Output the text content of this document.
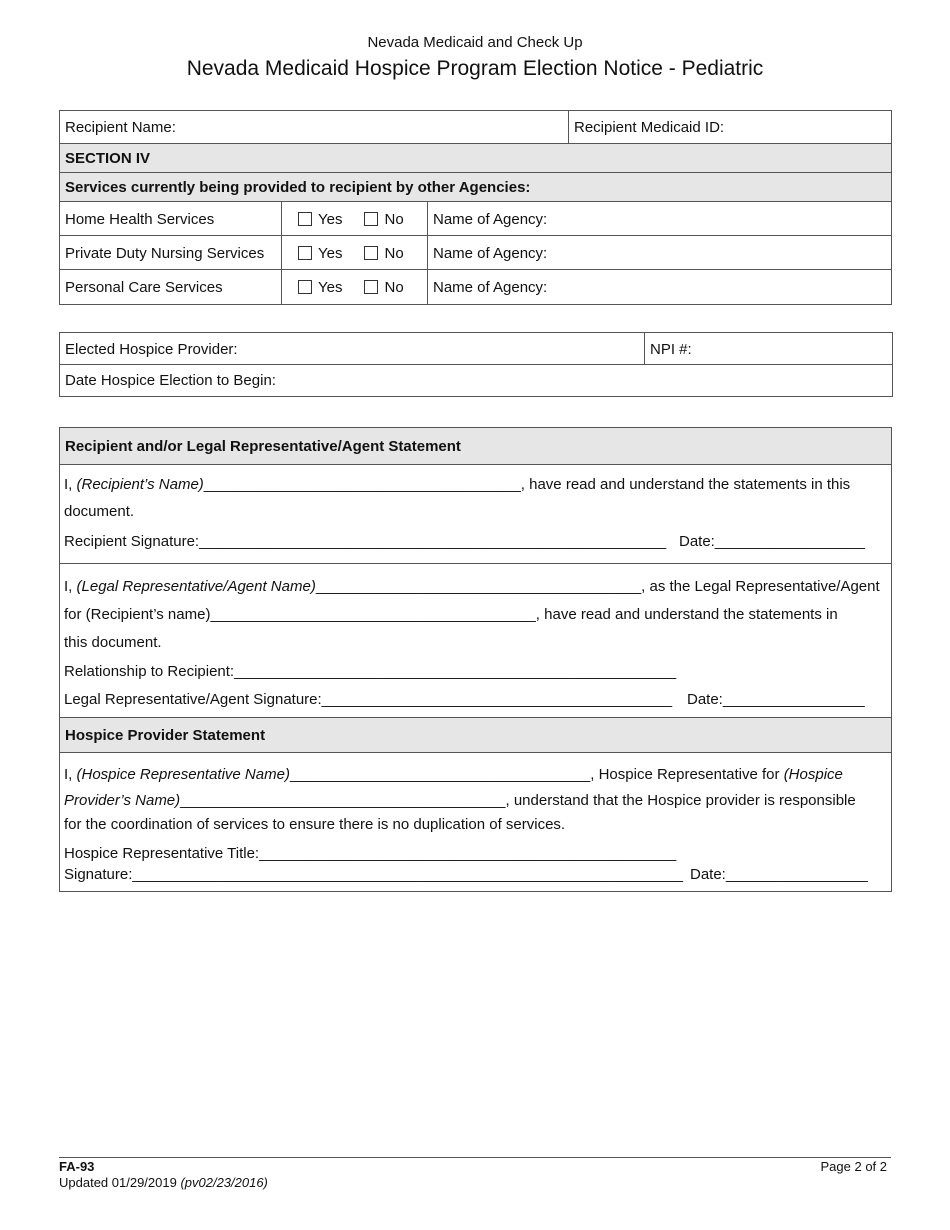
Nevada Medicaid and Check Up
Nevada Medicaid Hospice Program Election Notice - Pediatric
Recipient Name:	Recipient Medicaid ID:
SECTION IV
Services currently being provided to recipient by other Agencies:
Home Health Services	Yes	No Name of Agency:
Private Duty Nursing Services	Yes	No Name of Agency:
Personal Care Services	Yes	No Name of Agency:
Elected Hospice Provider:	NPI #:
Date Hospice Election to Begin:
Recipient and/or Legal Representative/Agent Statement
Hospice Provider Statement
I, (Recipient’s Name)______________________________________, have read and understand the statements in this
document.
Recipient Signature:________________________________________________________ Date:__________________
I, (Legal Representative/Agent Name)_______________________________________, as the Legal Representative/Agent
for (Recipient’s name)_______________________________________, have read and understand the statements in
this document.
Relationship to Recipient:_____________________________________________________
Legal Representative/Agent Signature:__________________________________________ Date:_________________
I, (Hospice Representative Name)____________________________________, Hospice Representative for (Hospice
Provider’s Name)_______________________________________, understand that the Hospice provider is responsible
for the coordination of services to ensure there is no duplication of services.
Hospice Representative Title:__________________________________________________
Signature:__________________________________________________________________ Date:_________________
FA-93
Updated 01/29/2019 (pv02/23/2016)
Page 2 of 2
